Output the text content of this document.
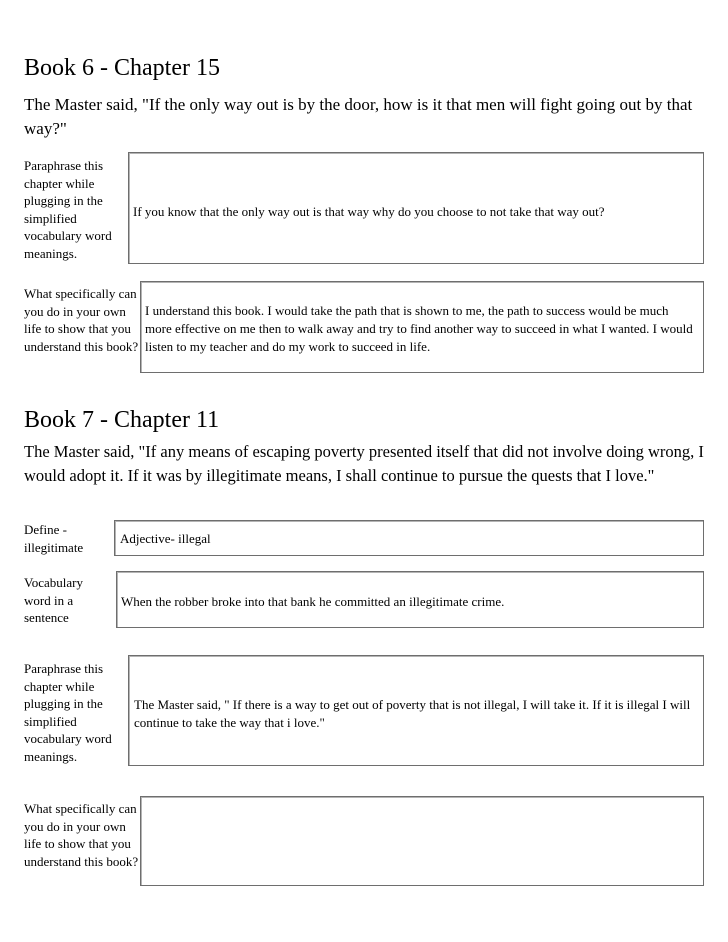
Book 6 - Chapter 15
The Master said, "If the only way out is by the door, how is it that men will fight going out by that way?"
Paraphrase this chapter while plugging in the simplified vocabulary word meanings.
If you know that the only way out is that way why do you choose to not take that way out?
What specifically can you do in your own life to show that you understand this book?
I understand this book. I would take the path that is shown to me, the path to success would be much more effective on me then to walk away and try to find another way to succeed in what I wanted. I would listen to my teacher and do my work to succeed in life.
Book 7 - Chapter 11
The Master said, "If any means of escaping poverty presented itself that did not involve doing wrong, I would adopt it. If it was by illegitimate means, I shall continue to pursue the quests that I love."
Define - illegitimate
Adjective- illegal
Vocabulary word in a sentence
When the robber broke into that bank he committed an illegitimate crime.
Paraphrase this chapter while plugging in the simplified vocabulary word meanings.
The Master said, " If there is a way to get out of poverty that is not illegal, I will take it. If it is illegal I will continue to take the way that i love."
What specifically can you do in your own life to show that you understand this book?
